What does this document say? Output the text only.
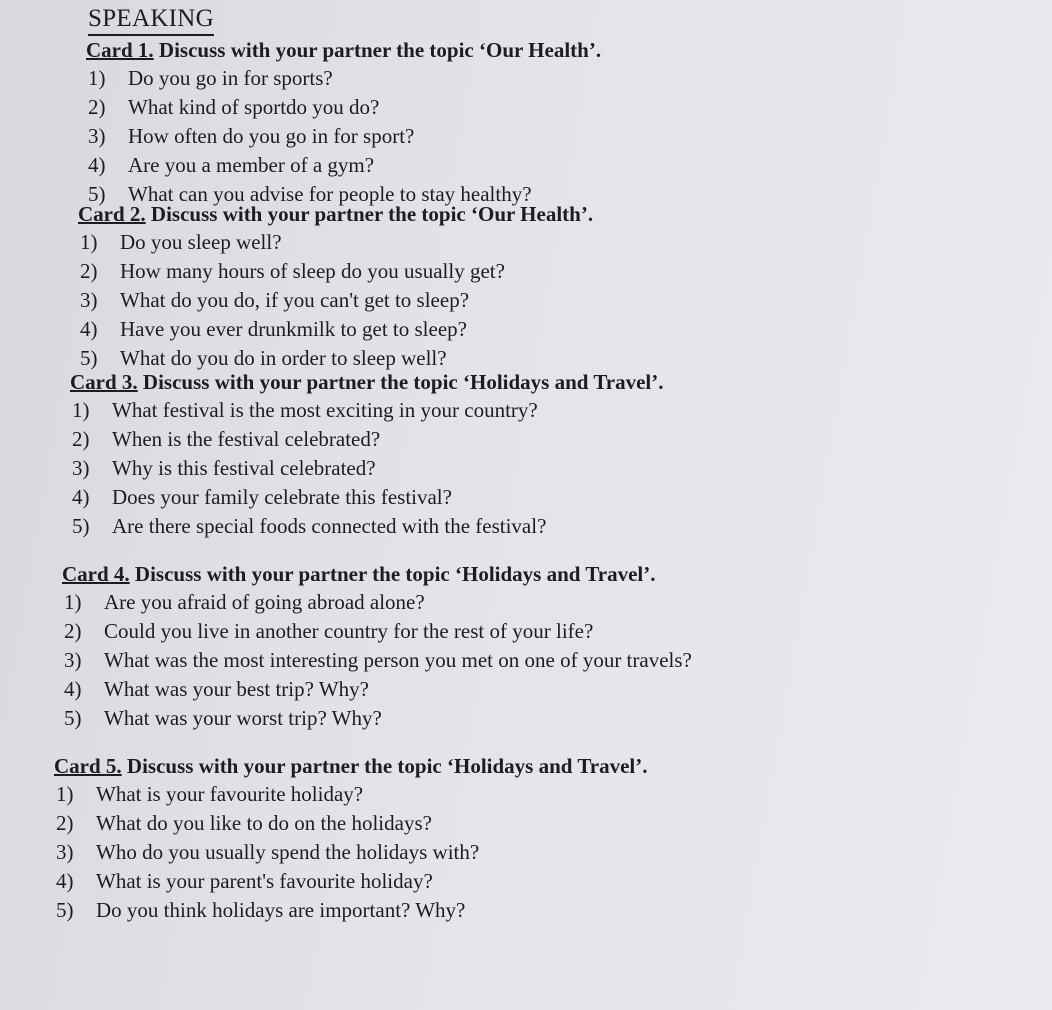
SPEAKING
Card 1. Discuss with your partner the topic ‘Our Health’.
1)	Do you go in for sports?
2)	What kind of sportdo you do?
3)	How often do you go in for sport?
4)	Are you a member of a gym?
5)	What can you advise for people to stay healthy?
Card 2. Discuss with your partner the topic ‘Our Health’.
1)	Do you sleep well?
2)	How many hours of sleep do you usually get?
3)	What do you do, if you can't get to sleep?
4)	Have you ever drunkmilk to get to sleep?
5)	What do you do in order to sleep well?
Card 3. Discuss with your partner the topic ‘Holidays and Travel’.
1)	What festival is the most exciting in your country?
2)	When is the festival celebrated?
3)	Why is this festival celebrated?
4)	Does your family celebrate this festival?
5)	Are there special foods connected with the festival?
Card 4. Discuss with your partner the topic ‘Holidays and Travel’.
1)	Are you afraid of going abroad alone?
2)	Could you live in another country for the rest of your life?
3)	What was the most interesting person you met on one of your travels?
4)	What was your best trip? Why?
5)	What was your worst trip? Why?
Card 5. Discuss with your partner the topic ‘Holidays and Travel’.
1)	What is your favourite holiday?
2)	What do you like to do on the holidays?
3)	Who do you usually spend the holidays with?
4)	What is your parent's favourite holiday?
5)	Do you think holidays are important? Why?
